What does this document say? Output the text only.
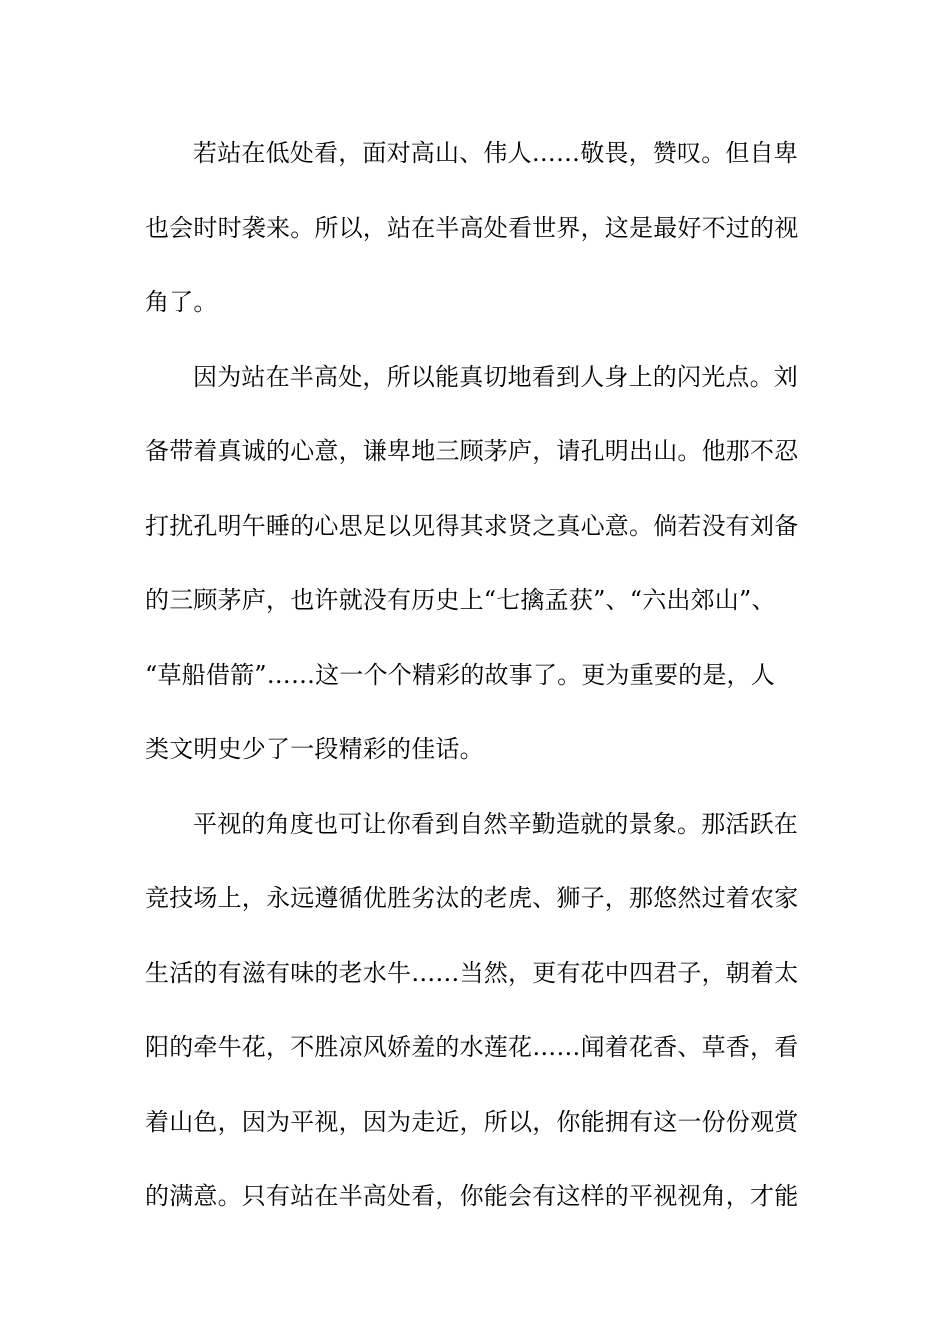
若站在低处看，面对高山、伟人……敬畏，赞叹。但自卑
也会时时袭来。所以，站在半高处看世界，这是最好不过的视
角了。
因为站在半高处，所以能真切地看到人身上的闪光点。刘
备带着真诚的心意，谦卑地三顾茅庐，请孔明出山。他那不忍
打扰孔明午睡的心思足以见得其求贤之真心意。倘若没有刘备
的三顾茅庐，也许就没有历史上“七擒孟获”、“六出郊山”、
“草船借箭”……这一个个精彩的故事了。更为重要的是，人
类文明史少了一段精彩的佳话。
平视的角度也可让你看到自然辛勤造就的景象。那活跃在
竞技场上，永远遵循优胜劣汰的老虎、狮子，那悠然过着农家
生活的有滋有味的老水牛……当然，更有花中四君子，朝着太
阳的牵牛花，不胜凉风娇羞的水莲花……闻着花香、草香，看
着山色，因为平视，因为走近，所以，你能拥有这一份份观赏
的满意。只有站在半高处看，你能会有这样的平视视角，才能
